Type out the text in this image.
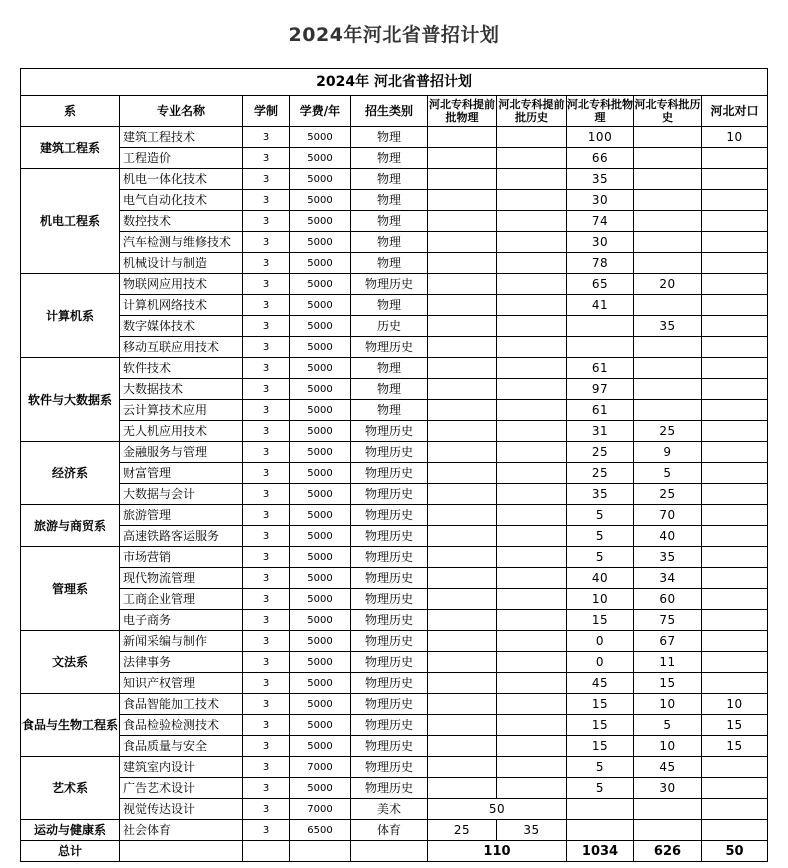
2024年河北省普招计划
2024年 河北省普招计划									
系	专业名称	学制	学费/年	招生类别	河北专科提前批物理	河北专科提前批历史	河北专科批物理	河北专科批历史	河北对口
建筑工程系	建筑工程技术	3	5000	物理			100		10
	工程造价	3	5000	物理			66		
机电工程系	机电一体化技术	3	5000	物理			35		
	电气自动化技术	3	5000	物理			30		
	数控技术	3	5000	物理			74		
	汽车检测与维修技术	3	5000	物理			30		
	机械设计与制造	3	5000	物理			78		
计算机系	物联网应用技术	3	5000	物理历史			65	20	
	计算机网络技术	3	5000	物理			41		
	数字媒体技术	3	5000	历史				35	
	移动互联应用技术	3	5000	物理历史					
软件与大数据系	软件技术	3	5000	物理			61		
	大数据技术	3	5000	物理			97		
	云计算技术应用	3	5000	物理			61		
	无人机应用技术	3	5000	物理历史			31	25	
经济系	金融服务与管理	3	5000	物理历史			25	9	
	财富管理	3	5000	物理历史			25	5	
	大数据与会计	3	5000	物理历史			35	25	
旅游与商贸系	旅游管理	3	5000	物理历史			5	70	
	高速铁路客运服务	3	5000	物理历史			5	40	
管理系	市场营销	3	5000	物理历史			5	35	
	现代物流管理	3	5000	物理历史			40	34	
	工商企业管理	3	5000	物理历史			10	60	
	电子商务	3	5000	物理历史			15	75	
文法系	新闻采编与制作	3	5000	物理历史			0	67	
	法律事务	3	5000	物理历史			0	11	
	知识产权管理	3	5000	物理历史			45	15	
食品与生物工程系	食品智能加工技术	3	5000	物理历史			15	10	10
	食品检验检测技术	3	5000	物理历史			15	5	15
	食品质量与安全	3	5000	物理历史			15	10	15
艺术系	建筑室内设计	3	7000	物理历史			5	45	
	广告艺术设计	3	5000	物理历史			5	30	
	视觉传达设计	3	7000	美术	50				
运动与健康系	社会体育	3	6500	体育	25	35			
总计					110		1034	626	50
